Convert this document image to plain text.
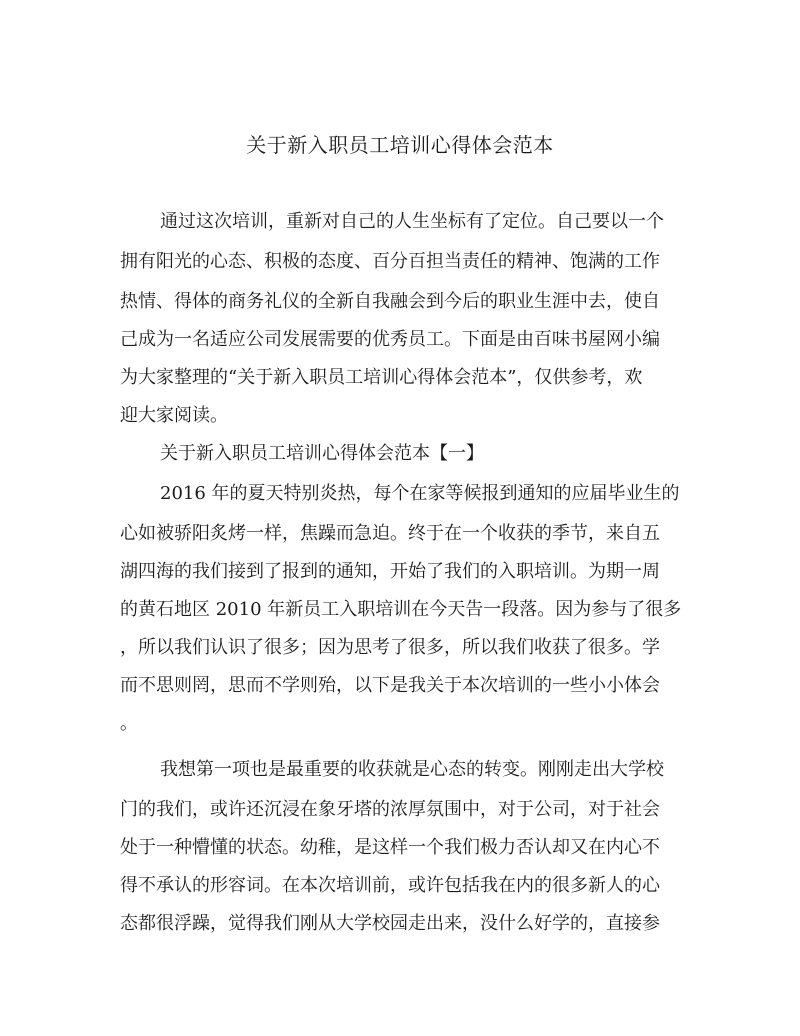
关于新入职员工培训心得体会范本

通过这次培训，重新对自己的人生坐标有了定位。自己要以一个

拥有阳光的心态、积极的态度、百分百担当责任的精神、饱满的工作

热情、得体的商务礼仪的全新自我融会到今后的职业生涯中去，使自

己成为一名适应公司发展需要的优秀员工。下面是由百味书屋网小编

为大家整理的“关于新入职员工培训心得体会范本”，仅供参考，欢

迎大家阅读。

关于新入职员工培训心得体会范本【一】

2016 年的夏天特别炎热，每个在家等候报到通知的应届毕业生的

心如被骄阳炙烤一样，焦躁而急迫。终于在一个收获的季节，来自五

湖四海的我们接到了报到的通知，开始了我们的入职培训。为期一周

的黄石地区 2010 年新员工入职培训在今天告一段落。因为参与了很多

，所以我们认识了很多；因为思考了很多，所以我们收获了很多。学

而不思则罔，思而不学则殆，以下是我关于本次培训的一些小小体会

。

我想第一项也是最重要的收获就是心态的转变。刚刚走出大学校

门的我们，或许还沉浸在象牙塔的浓厚氛围中，对于公司，对于社会

处于一种懵懂的状态。幼稚，是这样一个我们极力否认却又在内心不

得不承认的形容词。在本次培训前，或许包括我在内的很多新人的心

态都很浮躁，觉得我们刚从大学校园走出来，没什么好学的，直接参
